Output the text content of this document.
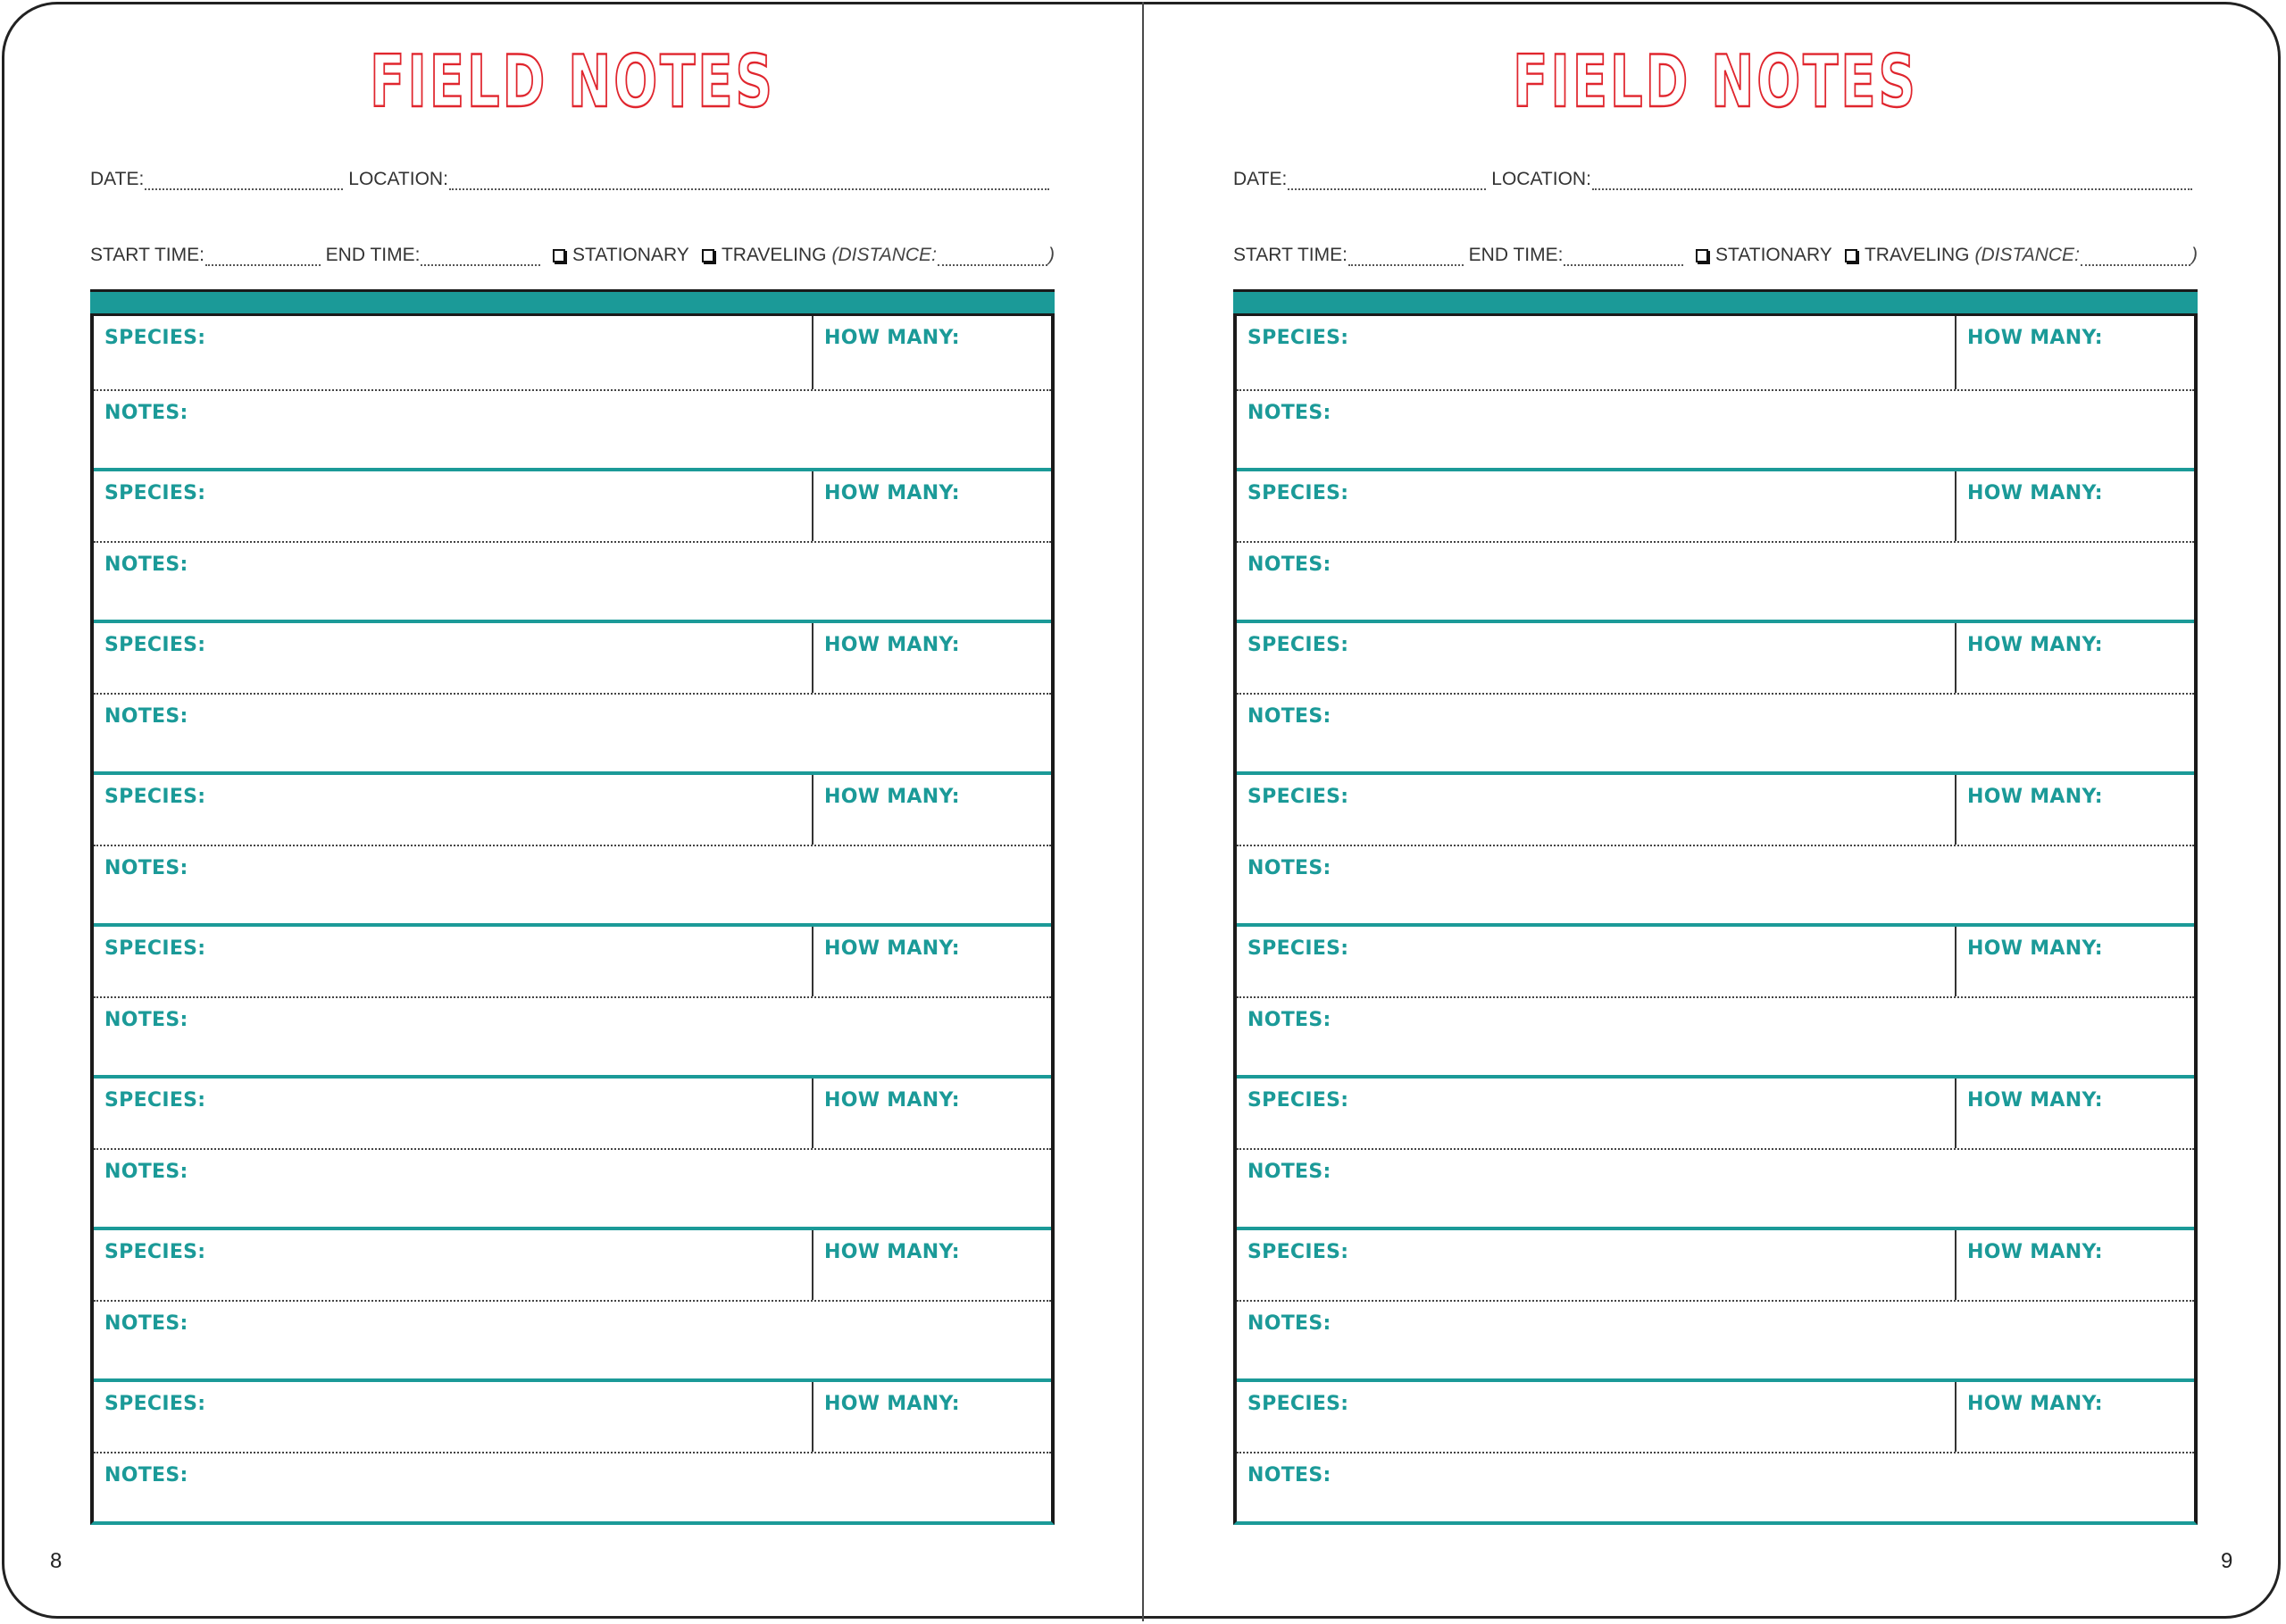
FIELD NOTES
DATE:	LOCATION:
START TIME:	END TIME:	STATIONARY TRAVELING (DISTANCE:	)
SPECIES:	HOW MANY:
NOTES:
SPECIES:	HOW MANY:
NOTES:
SPECIES:	HOW MANY:
NOTES:
SPECIES:	HOW MANY:
NOTES:
SPECIES:	HOW MANY:
NOTES:
SPECIES:	HOW MANY:
NOTES:
SPECIES:	HOW MANY:
NOTES:
SPECIES:	HOW MANY:
NOTES:
FIELD NOTES
DATE:	LOCATION:
START TIME:	END TIME:	STATIONARY TRAVELING (DISTANCE:	)
SPECIES:	HOW MANY:
NOTES:
SPECIES:	HOW MANY:
NOTES:
SPECIES:	HOW MANY:
NOTES:
SPECIES:	HOW MANY:
NOTES:
SPECIES:	HOW MANY:
NOTES:
SPECIES:	HOW MANY:
NOTES:
SPECIES:	HOW MANY:
NOTES:
SPECIES:	HOW MANY:
NOTES:
8	9
